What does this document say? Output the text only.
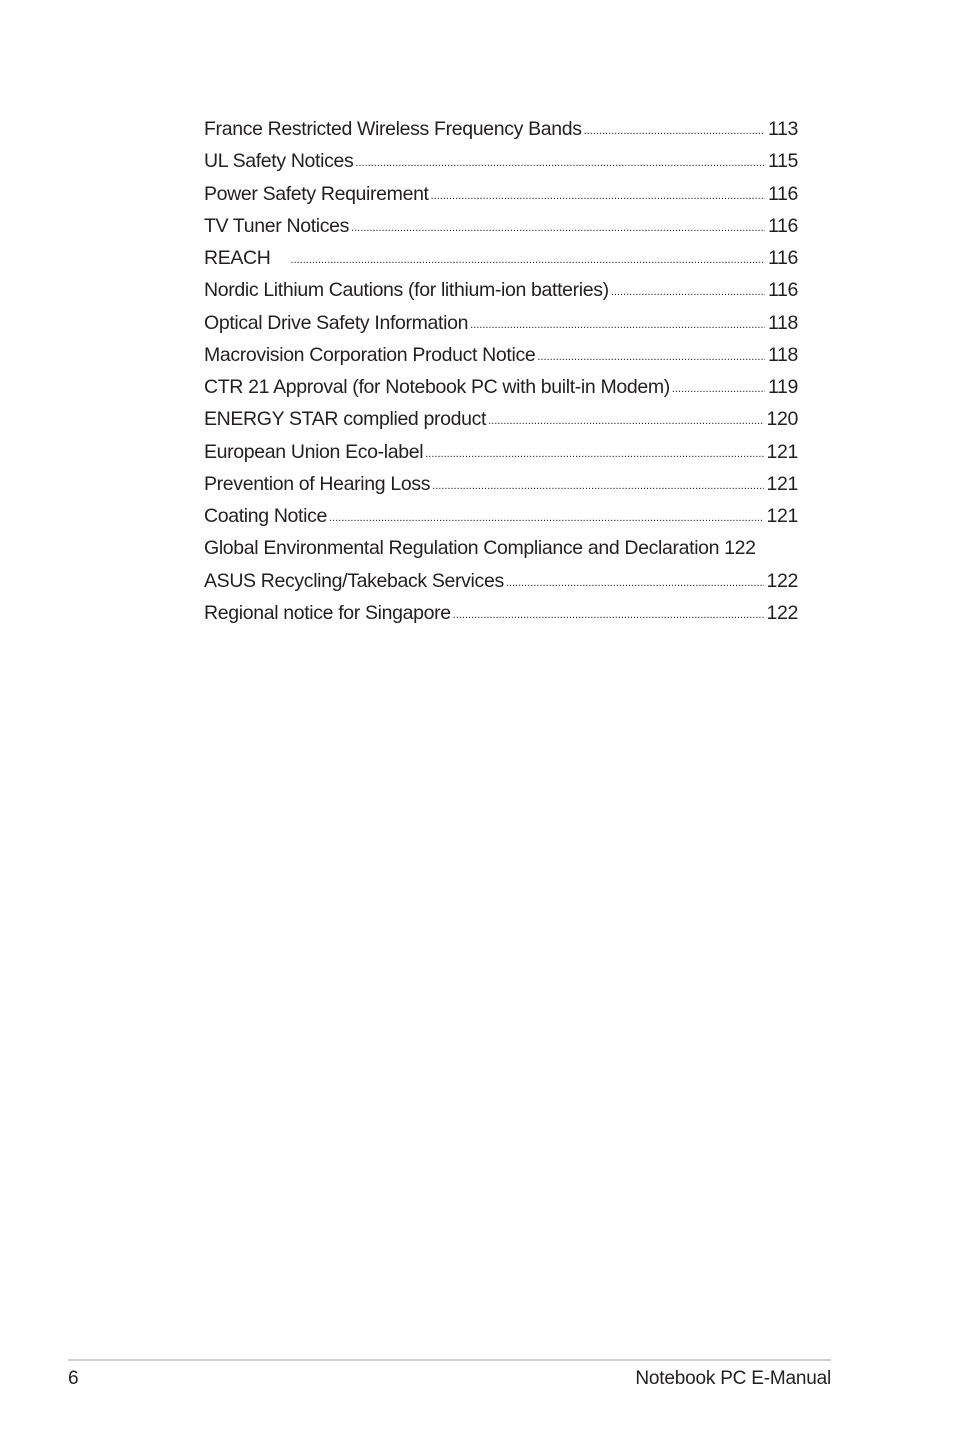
France Restricted Wireless Frequency Bands .....	113
UL Safety Notices .....	115
Power Safety Requirement .....	116
TV Tuner Notices .....	116
REACH .....	116
Nordic Lithium Cautions (for lithium-ion batteries) .....	116
Optical Drive Safety Information .....	118
Macrovision Corporation Product Notice .....	118
CTR 21 Approval (for Notebook PC with built-in Modem) .....	119
ENERGY STAR complied product .....	120
European Union Eco-label .....	121
Prevention of Hearing Loss .....	121
Coating Notice .....	121
Global Environmental Regulation Compliance and Declaration 122
ASUS Recycling/Takeback Services .....	122
Regional notice for Singapore .....	122
6	Notebook PC E-Manual
